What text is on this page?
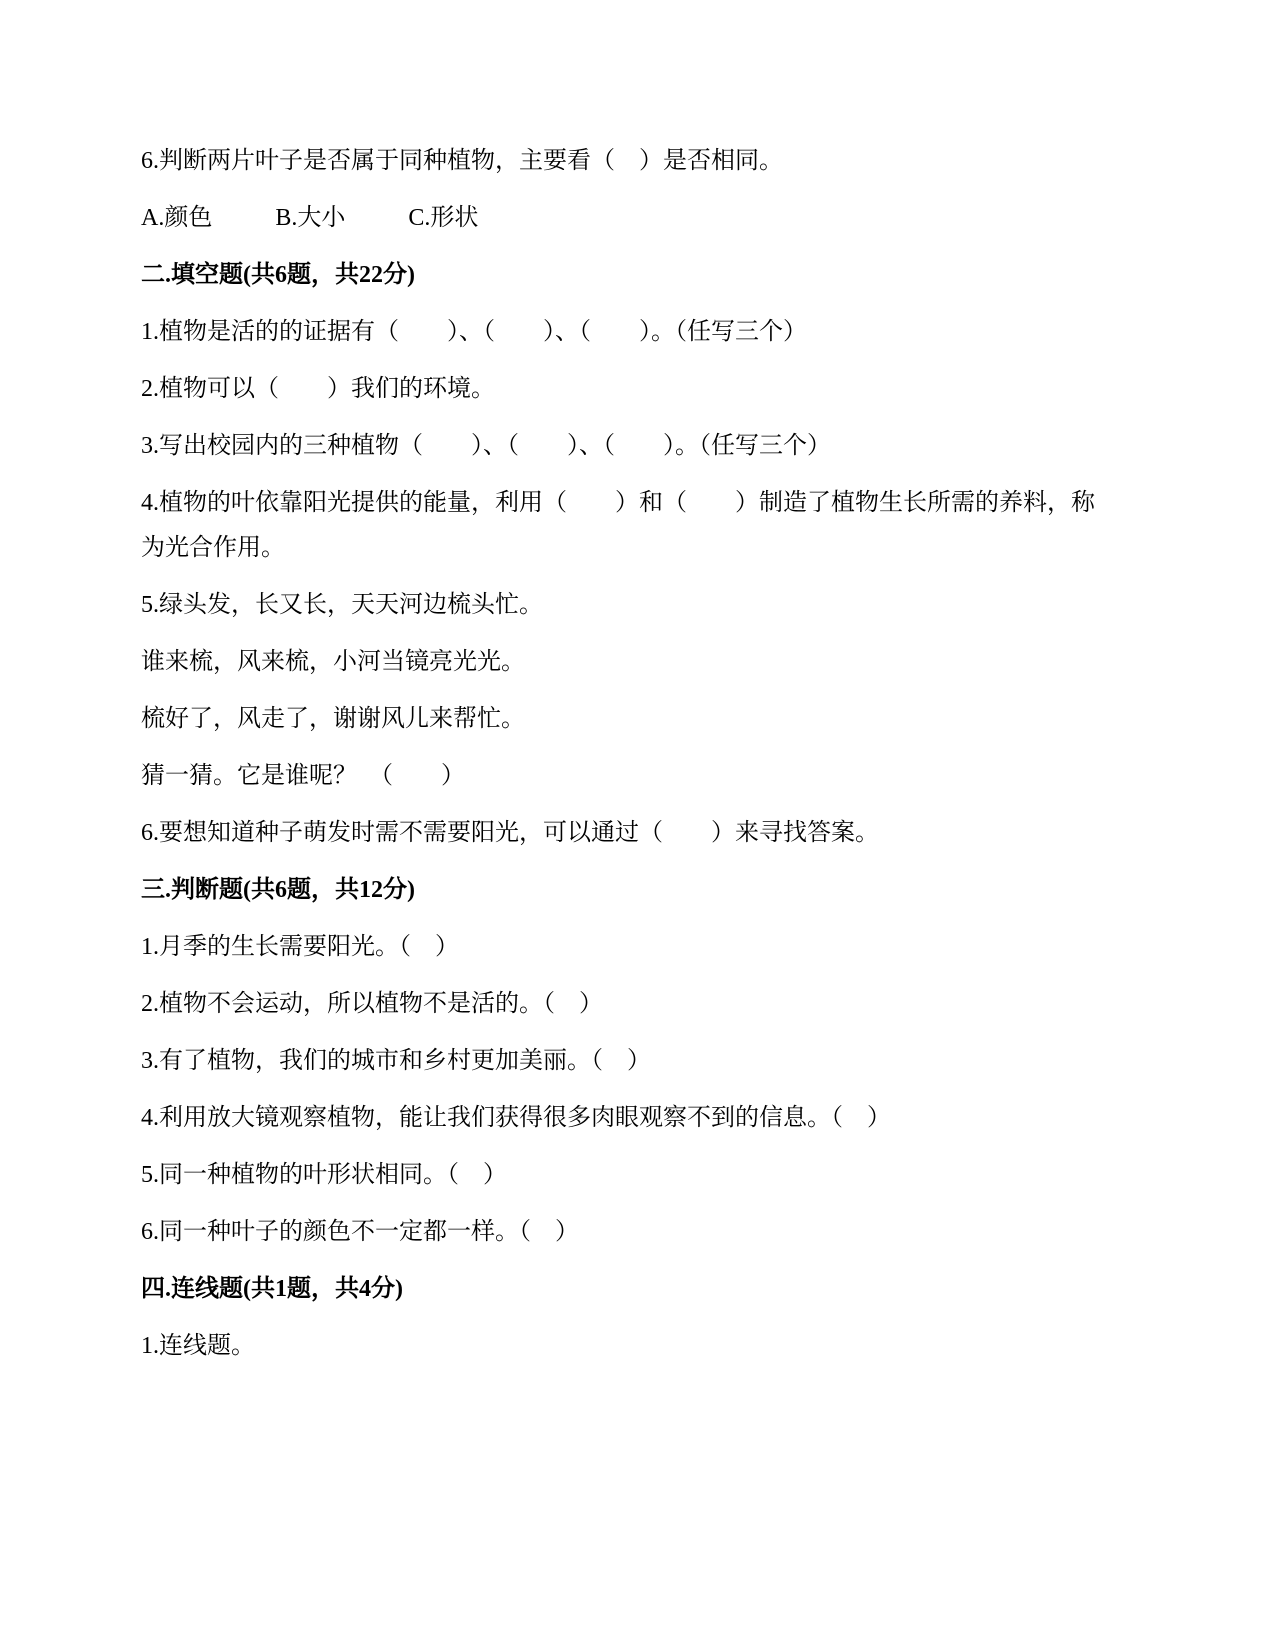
6.判断两片叶子是否属于同种植物，主要看（　）是否相同。

A.颜色	B.大小	C.形状

二.填空题(共6题，共22分)

1.植物是活的的证据有（　　）、（　　）、（　　）。（任写三个）

2.植物可以（　　）我们的环境。

3.写出校园内的三种植物（　　）、（　　）、（　　）。（任写三个）

4.植物的叶依靠阳光提供的能量，利用（　　）和（　　）制造了植物生长所需的养料，称
为光合作用。

5.绿头发，长又长，天天河边梳头忙。

谁来梳，风来梳，小河当镜亮光光。

梳好了，风走了，谢谢风儿来帮忙。

猜一猜。它是谁呢？　（　　）

6.要想知道种子萌发时需不需要阳光，可以通过（　　）来寻找答案。

三.判断题(共6题，共12分)

1.月季的生长需要阳光。（　）

2.植物不会运动，所以植物不是活的。（　）

3.有了植物，我们的城市和乡村更加美丽。（　）

4.利用放大镜观察植物，能让我们获得很多肉眼观察不到的信息。（　）

5.同一种植物的叶形状相同。（　）

6.同一种叶子的颜色不一定都一样。（　）

四.连线题(共1题，共4分)

1.连线题。
